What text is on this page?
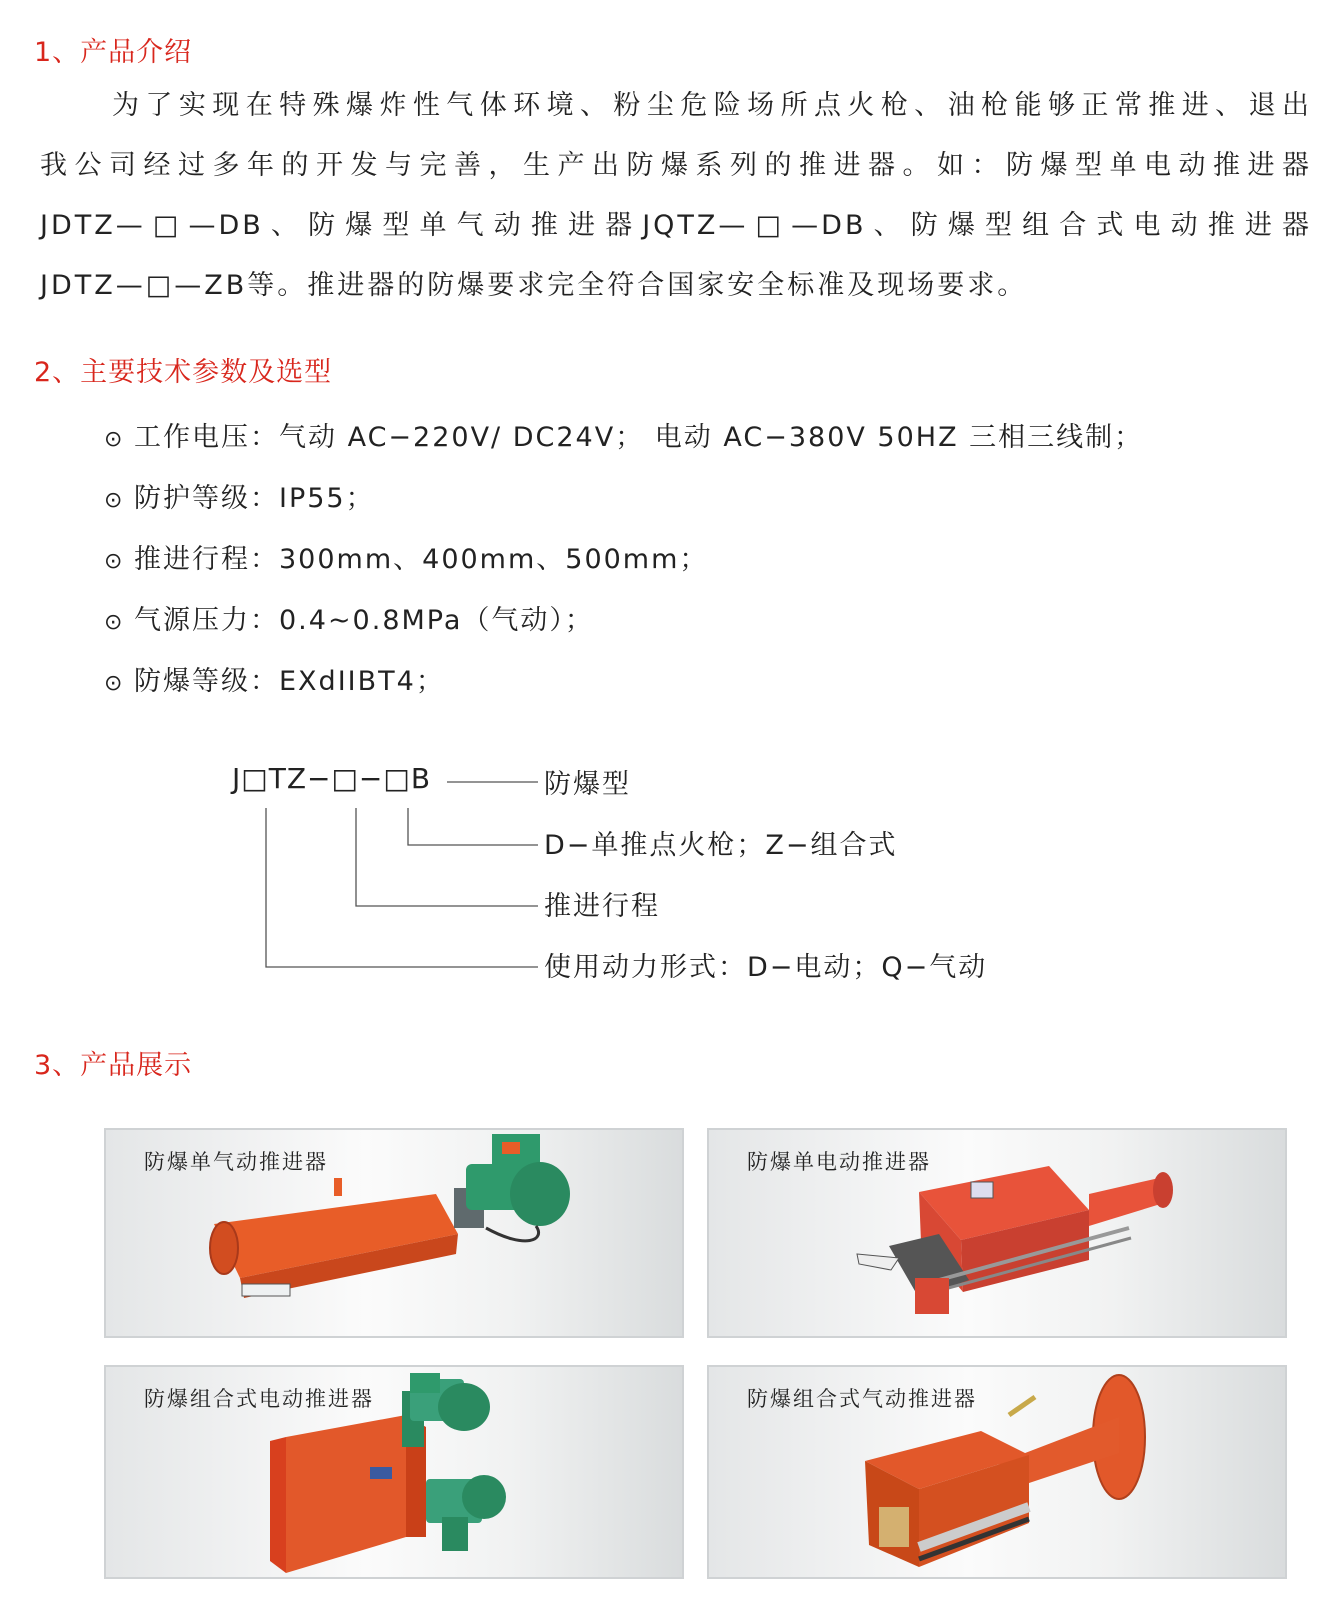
1、产品介绍
为了实现在特殊爆炸性气体环境、粉尘危险场所点火枪、油枪能够正常推进、退出
我公司经过多年的开发与完善，生产出防爆系列的推进器。如：防爆型单电动推进器
JDTZ—□—DB、防爆型单气动推进器JQTZ—□—DB、防爆型组合式电动推进器
JDTZ—□—ZB等。推进器的防爆要求完全符合国家安全标准及现场要求。
2、主要技术参数及选型
⊙ 工作电压：气动 AC−220V/ DC24V； 电动 AC−380V 50HZ 三相三线制；
⊙ 防护等级：IP55；
⊙ 推进行程：300mm、400mm、500mm；
⊙ 气源压力：0.4~0.8MPa（气动）；
⊙ 防爆等级：EXdIIBT4；
J□TZ−□−□B	防爆型
D−单推点火枪；Z−组合式
推进行程
使用动力形式：D−电动；Q−气动
3、产品展示
防爆单气动推进器	防爆单电动推进器
防爆组合式电动推进器	防爆组合式气动推进器
